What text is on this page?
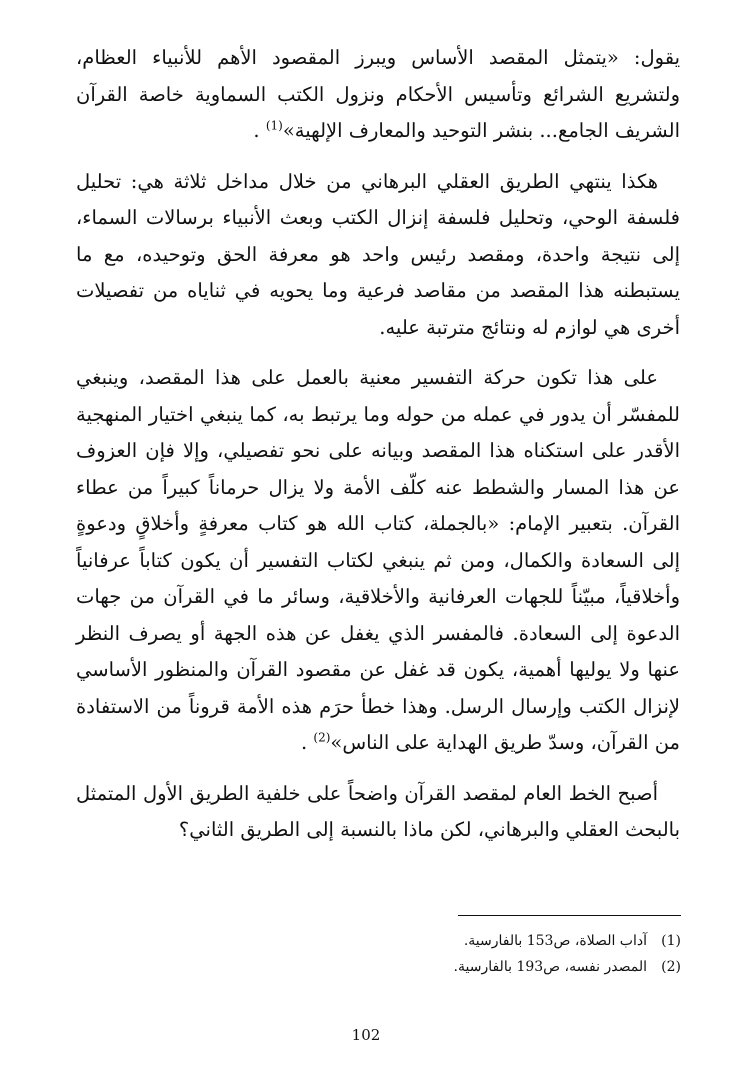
يقول: «يتمثل المقصد الأساس ويبرز المقصود الأهم للأنبياء العظام، ولتشريع الشرائع وتأسيس الأحكام ونزول الكتب السماوية خاصة القرآن الشريف الجامع... بنشر التوحيد والمعارف الإلهية»$^{(1)}$ .

هكذا ينتهي الطريق العقلي البرهاني من خلال مداخل ثلاثة هي: تحليل فلسفة الوحي، وتحليل فلسفة إنزال الكتب وبعث الأنبياء برسالات السماء، إلى نتيجة واحدة، ومقصد رئيس واحد هو معرفة الحق وتوحيده، مع ما يستبطنه هذا المقصد من مقاصد فرعية وما يحويه في ثناياه من تفصيلات أخرى هي لوازم له ونتائج مترتبة عليه.

على هذا تكون حركة التفسير معنية بالعمل على هذا المقصد، وينبغي للمفسّر أن يدور في عمله من حوله وما يرتبط به، كما ينبغي اختيار المنهجية الأقدر على استكناه هذا المقصد وبيانه على نحو تفصيلي، وإلا فإن العزوف عن هذا المسار والشطط عنه كلّف الأمة ولا يزال حرماناً كبيراً من عطاء القرآن. بتعبير الإمام: «بالجملة، كتاب الله هو كتاب معرفةٍ وأخلاقٍ ودعوةٍ إلى السعادة والكمال، ومن ثم ينبغي لكتاب التفسير أن يكون كتاباً عرفانياً وأخلاقياً، مبيّناً للجهات العرفانية والأخلاقية، وسائر ما في القرآن من جهات الدعوة إلى السعادة. فالمفسر الذي يغفل عن هذه الجهة أو يصرف النظر عنها ولا يوليها أهمية، يكون قد غفل عن مقصود القرآن والمنظور الأساسي لإنزال الكتب وإرسال الرسل. وهذا خطأ حرَم هذه الأمة قروناً من الاستفادة من القرآن، وسدّ طريق الهداية على الناس»$^{(2)}$ .

أصبح الخط العام لمقصد القرآن واضحاً على خلفية الطريق الأول المتمثل بالبحث العقلي والبرهاني، لكن ماذا بالنسبة إلى الطريق الثاني؟

(1)آداب الصلاة، ص153 بالفارسية.

(2)المصدر نفسه، ص193 بالفارسية.

102
